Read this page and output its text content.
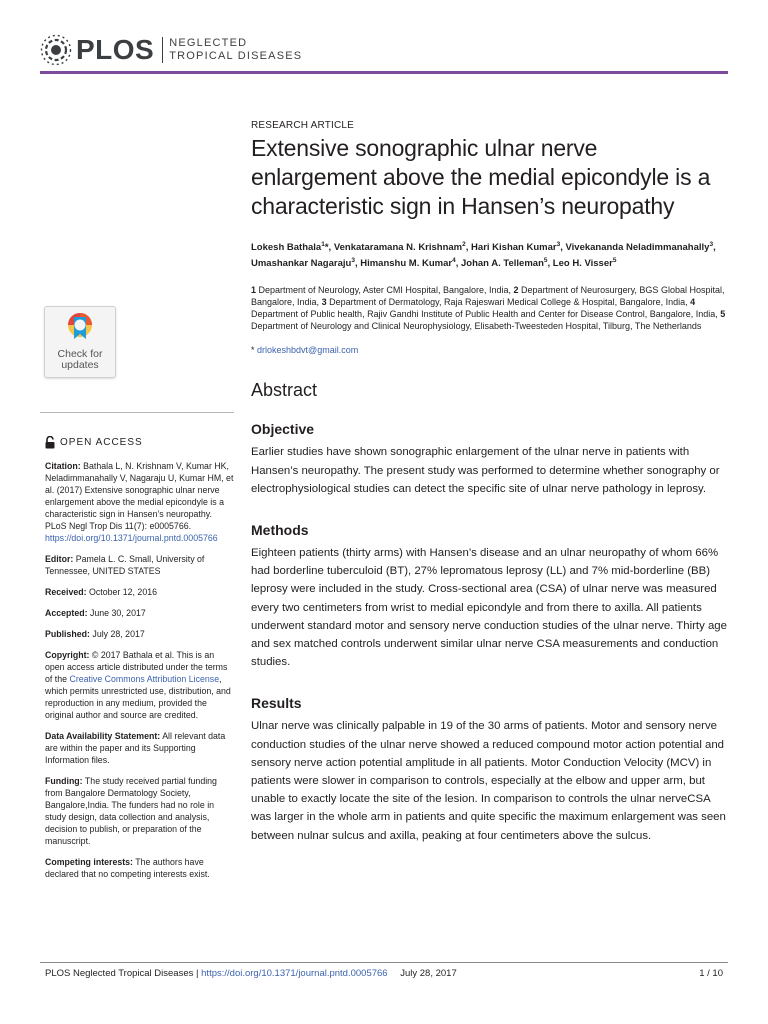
PLOS NEGLECTED
TROPICAL DISEASES
Check for
updates
OPEN ACCESS
Citation: Bathala L, N. Krishnam V, Kumar HK, Neladimmanahally V, Nagaraju U, Kumar HM, et al. (2017) Extensive sonographic ulnar nerve enlargement above the medial epicondyle is a characteristic sign in Hansen’s neuropathy. PLoS Negl Trop Dis 11(7): e0005766. https://doi.org/10.1371/journal.pntd.0005766
Editor: Pamela L. C. Small, University of Tennessee, UNITED STATES
Received: October 12, 2016
Accepted: June 30, 2017
Published: July 28, 2017
Copyright: © 2017 Bathala et al. This is an open access article distributed under the terms of the Creative Commons Attribution License, which permits unrestricted use, distribution, and reproduction in any medium, provided the original author and source are credited.
Data Availability Statement: All relevant data are within the paper and its Supporting Information files.
Funding: The study received partial funding from Bangalore Dermatology Society, Bangalore,India. The funders had no role in study design, data collection and analysis, decision to publish, or preparation of the manuscript.
Competing interests: The authors have declared that no competing interests exist.
RESEARCH ARTICLE
Extensive sonographic ulnar nerve enlargement above the medial epicondyle is a characteristic sign in Hansen’s neuropathy
Lokesh Bathala$^1$*, Venkataramana N. Krishnam$^2$, Hari Kishan Kumar$^3$, Vivekananda Neladimmanahally$^3$, Umashankar Nagaraju$^3$, Himanshu M. Kumar$^4$, Johan A. Telleman$^5$, Leo H. Visser$^5$
1 Department of Neurology, Aster CMI Hospital, Bangalore, India, 2 Department of Neurosurgery, BGS Global Hospital, Bangalore, India, 3 Department of Dermatology, Raja Rajeswari Medical College & Hospital, Bangalore, India, 4 Department of Public health, Rajiv Gandhi Institute of Public Health and Center for Disease Control, Bangalore, India, 5 Department of Neurology and Clinical Neurophysiology, Elisabeth-Tweesteden Hospital, Tilburg, The Netherlands
* drlokeshbdvt@gmail.com
Abstract
Objective

Earlier studies have shown sonographic enlargement of the ulnar nerve in patients with Hansen’s neuropathy. The present study was performed to determine whether sonography or electrophysiological studies can detect the specific site of ulnar nerve pathology in leprosy.

Methods

Eighteen patients (thirty arms) with Hansen’s disease and an ulnar neuropathy of whom 66% had borderline tuberculoid (BT), 27% lepromatous leprosy (LL) and 7% mid-borderline (BB) leprosy were included in the study. Cross-sectional area (CSA) of ulnar nerve was measured every two centimeters from wrist to medial epicondyle and from there to axilla. All patients underwent standard motor and sensory nerve conduction studies of the ulnar nerve. Thirty age and sex matched controls underwent similar ulnar nerve CSA measurements and conduction studies.

Results

Ulnar nerve was clinically palpable in 19 of the 30 arms of patients. Motor and sensory nerve conduction studies of the ulnar nerve showed a reduced compound motor action potential and sensory nerve action potential amplitude in all patients. Motor Conduction Velocity (MCV) in patients were slower in comparison to controls, especially at the elbow and upper arm, but unable to exactly locate the site of the lesion. In comparison to controls the ulnar nerveCSA was larger in the whole arm in patients and quite specific the maximum enlargement was seen between nulnar sulcus and axilla, peaking at four centimeters above the sulcus.

PLOS Neglected Tropical Diseases | https://doi.org/10.1371/journal.pntd.0005766 July 28, 2017	1 / 10
